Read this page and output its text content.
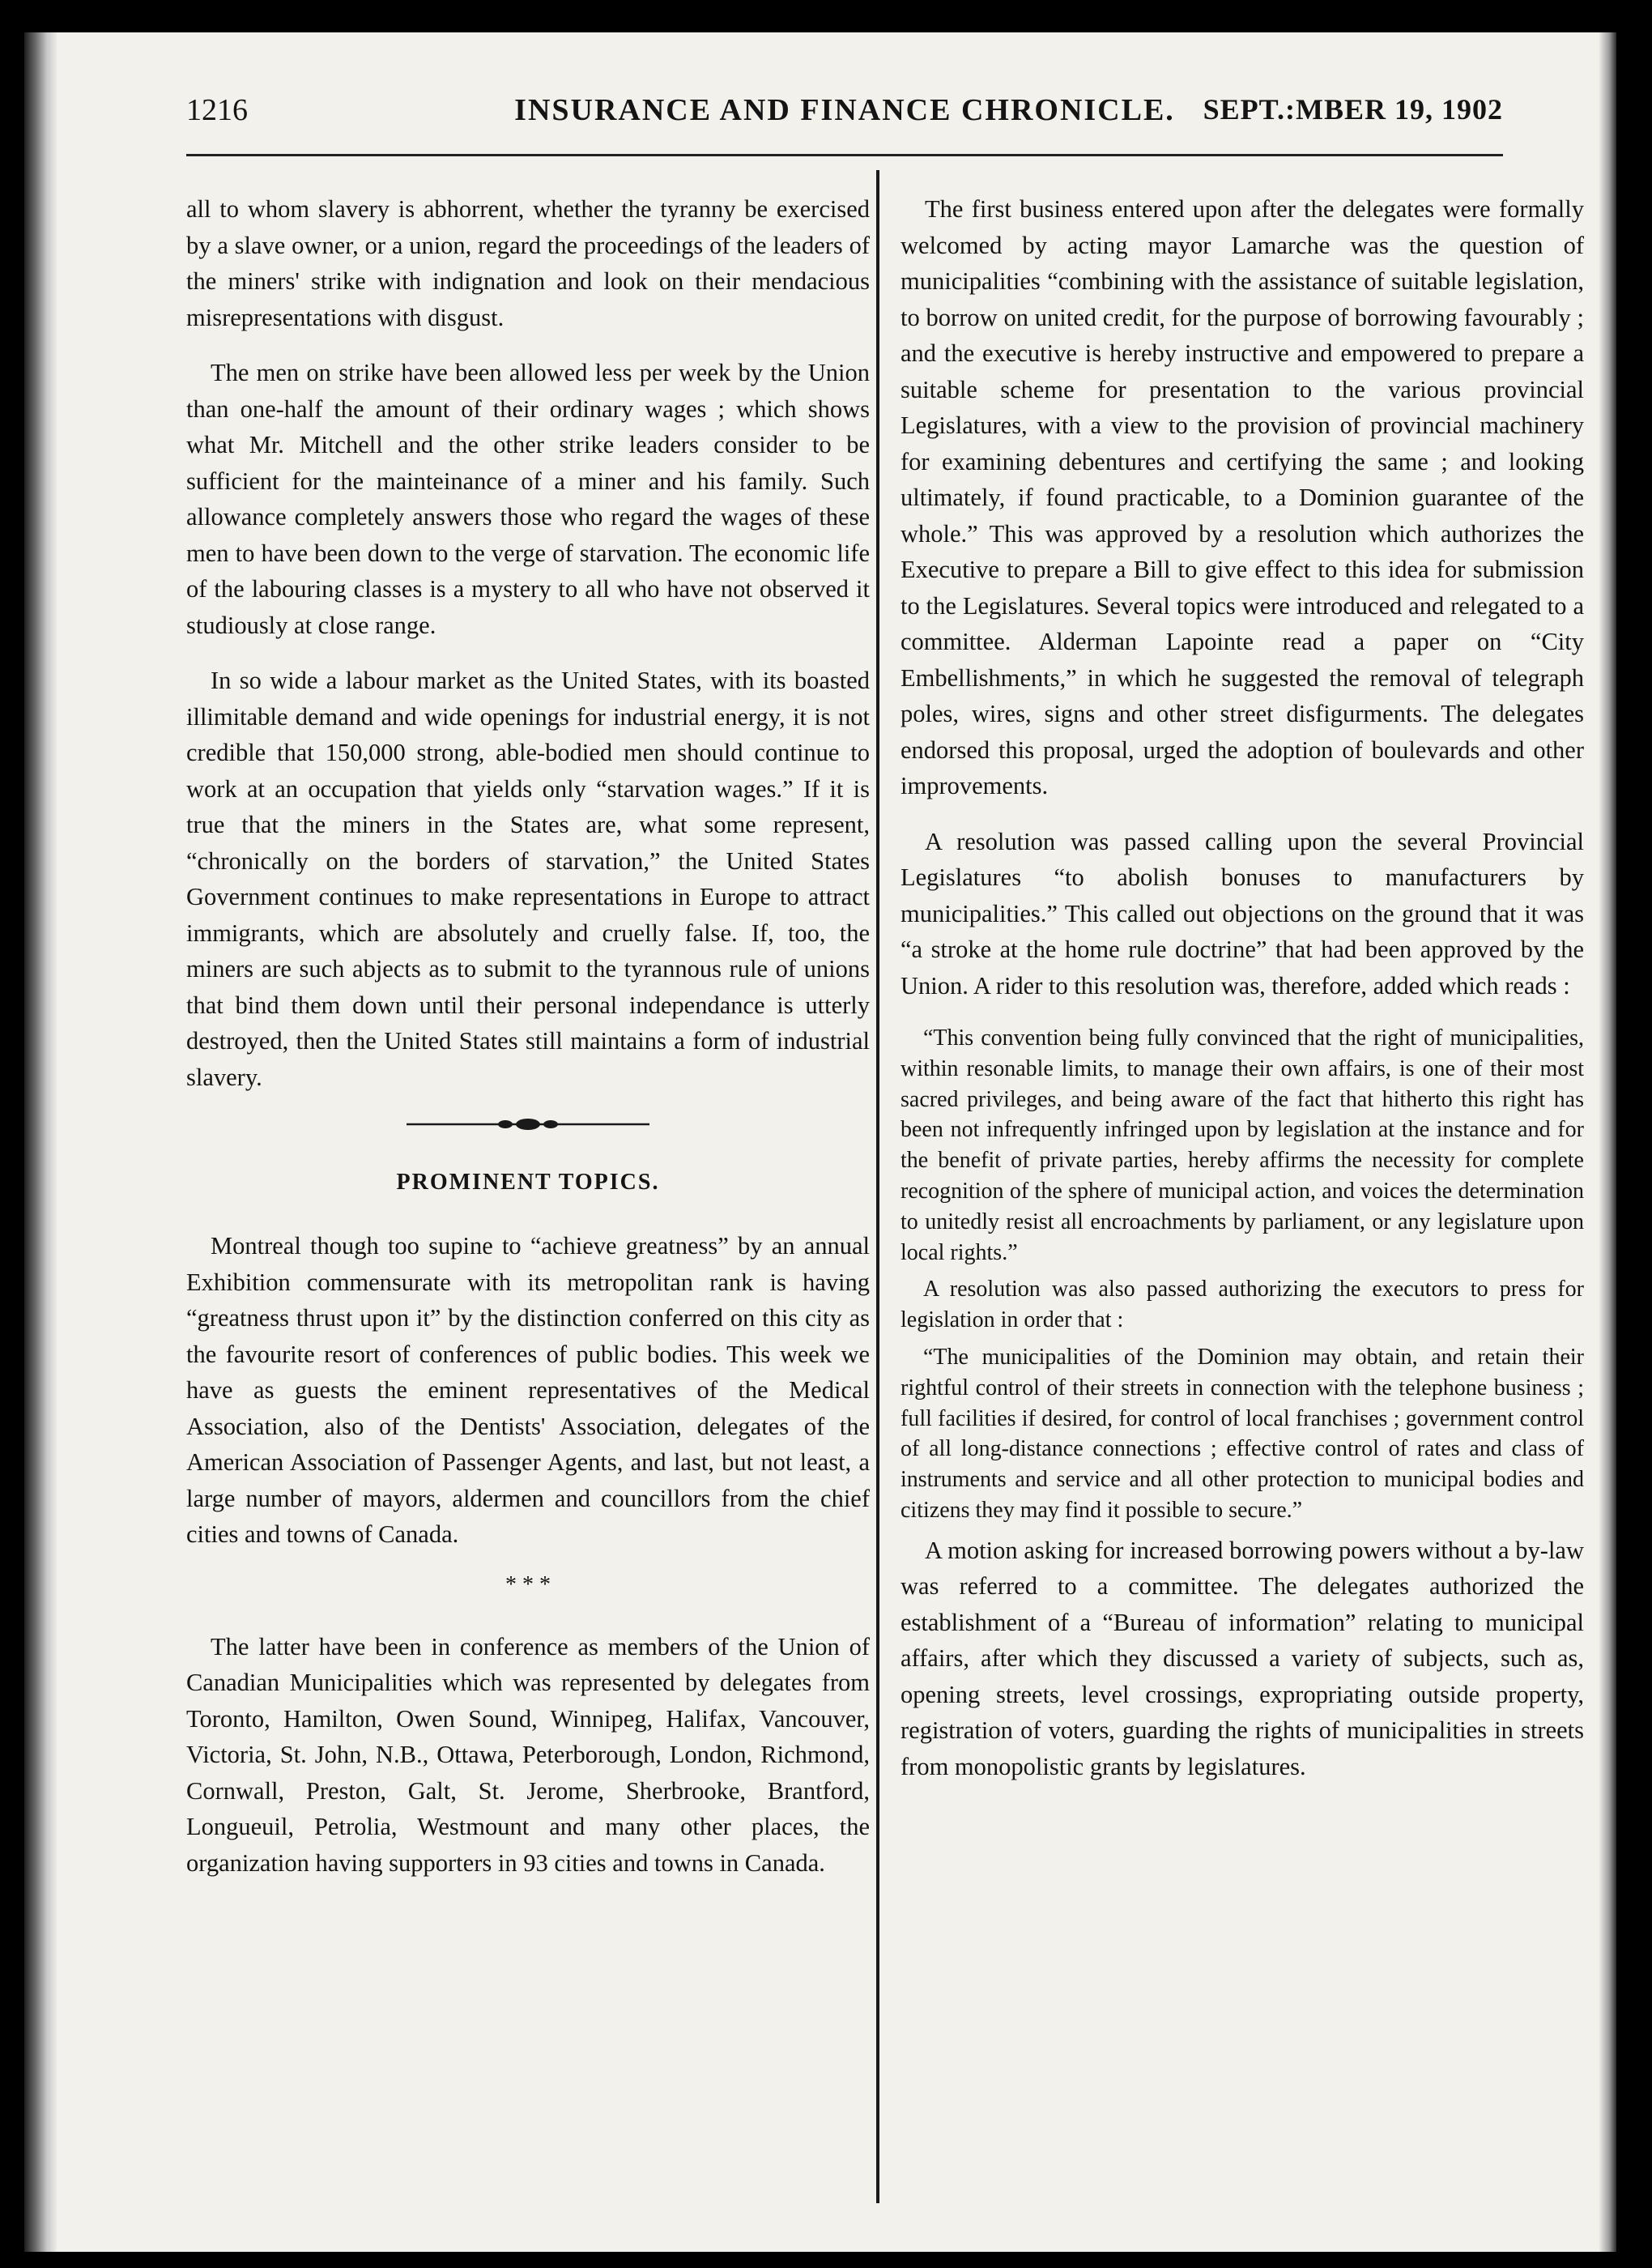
1216	INSURANCE AND FINANCE CHRONICLE. SEPT.:MBER 19, 1902

all to whom slavery is abhorrent, whether the tyranny be exercised by a slave owner, or a union, regard the proceedings of the leaders of the miners' strike with indignation and look on their mendacious misrepresentations with disgust.

The men on strike have been allowed less per week by the Union than one-half the amount of their ordinary wages ; which shows what Mr. Mitchell and the other strike leaders consider to be sufficient for the mainteinance of a miner and his family. Such allowance completely answers those who regard the wages of these men to have been down to the verge of starvation. The economic life of the labouring classes is a mystery to all who have not observed it studiously at close range.

In so wide a labour market as the United States, with its boasted illimitable demand and wide openings for industrial energy, it is not credible that 150,000 strong, able-bodied men should continue to work at an occupation that yields only “starvation wages.” If it is true that the miners in the States are, what some represent, “chronically on the borders of starvation,” the United States Government continues to make representations in Europe to attract immigrants, which are absolutely and cruelly false. If, too, the miners are such abjects as to submit to the tyrannous rule of unions that bind them down until their personal independance is utterly destroyed, then the United States still maintains a form of industrial slavery.

PROMINENT TOPICS.

Montreal though too supine to “achieve greatness” by an annual Exhibition commensurate with its metropolitan rank is having “greatness thrust upon it” by the distinction conferred on this city as the favourite resort of conferences of public bodies. This week we have as guests the eminent representatives of the Medical Association, also of the Dentists' Association, delegates of the American Association of Passenger Agents, and last, but not least, a large number of mayors, aldermen and councillors from the chief cities and towns of Canada.

* * *

The latter have been in conference as members of the Union of Canadian Municipalities which was represented by delegates from Toronto, Hamilton, Owen Sound, Winnipeg, Halifax, Vancouver, Victoria, St. John, N.B., Ottawa, Peterborough, London, Richmond, Cornwall, Preston, Galt, St. Jerome, Sherbrooke, Brantford, Longueuil, Petrolia, Westmount and many other places, the organization having supporters in 93 cities and towns in Canada.

The first business entered upon after the delegates were formally welcomed by acting mayor Lamarche was the question of municipalities “combining with the assistance of suitable legislation, to borrow on united credit, for the purpose of borrowing favourably ; and the executive is hereby instructive and empowered to prepare a suitable scheme for presentation to the various provincial Legislatures, with a view to the provision of provincial machinery for examining debentures and certifying the same ; and looking ultimately, if found practicable, to a Dominion guarantee of the whole.” This was approved by a resolution which authorizes the Executive to prepare a Bill to give effect to this idea for submission to the Legislatures. Several topics were introduced and relegated to a committee. Alderman Lapointe read a paper on “City Embellishments,” in which he suggested the removal of telegraph poles, wires, signs and other street disfigurments. The delegates endorsed this proposal, urged the adoption of boulevards and other improvements.

A resolution was passed calling upon the several Provincial Legislatures “to abolish bonuses to manufacturers by municipalities.” This called out objections on the ground that it was “a stroke at the home rule doctrine” that had been approved by the Union. A rider to this resolution was, therefore, added which reads :

“This convention being fully convinced that the right of municipalities, within resonable limits, to manage their own affairs, is one of their most sacred privileges, and being aware of the fact that hitherto this right has been not infrequently infringed upon by legislation at the instance and for the benefit of private parties, hereby affirms the necessity for complete recognition of the sphere of municipal action, and voices the determination to unitedly resist all encroachments by parliament, or any legislature upon local rights.”

A resolution was also passed authorizing the executors to press for legislation in order that :

“The municipalities of the Dominion may obtain, and retain their rightful control of their streets in connection with the telephone business ; full facilities if desired, for control of local franchises ; government control of all long-distance connections ; effective control of rates and class of instruments and service and all other protection to municipal bodies and citizens they may find it possible to secure.”

A motion asking for increased borrowing powers without a by-law was referred to a committee. The delegates authorized the establishment of a “Bureau of information” relating to municipal affairs, after which they discussed a variety of subjects, such as, opening streets, level crossings, expropriating outside property, registration of voters, guarding the rights of municipalities in streets from monopolistic grants by legislatures.
